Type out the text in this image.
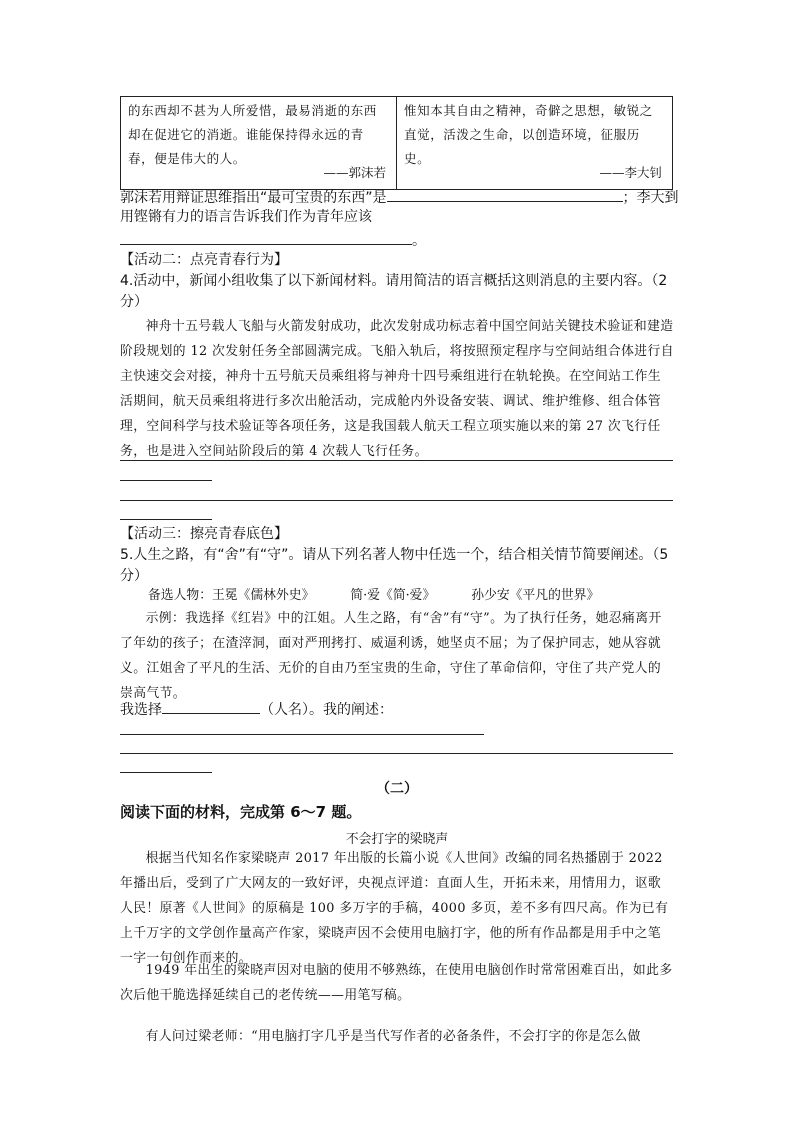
的东西却不甚为人所爱惜，最易消逝的东西却在促进它的消逝。谁能保持得永远的青春，便是伟大的人。
——郭沫若

惟知本其自由之精神，奇僻之思想，敏锐之直觉，活泼之生命，以创造环境，征服历史。
——李大钊
郭沫若用辩证思维指出“最可宝贵的东西”是	；李大到
用铿锵有力的语言告诉我们作为青年应该
。
【活动二：点亮青春行为】
4.活动中，新闻小组收集了以下新闻材料。请用简洁的语言概括这则消息的主要内容。（2分）
神舟十五号载人飞船与火箭发射成功，此次发射成功标志着中国空间站关键技术验证和建造阶段规划的 12 次发射任务全部圆满完成。飞船入轨后，将按照预定程序与空间站组合体进行自主快速交会对接，神舟十五号航天员乘组将与神舟十四号乘组进行在轨轮换。在空间站工作生活期间，航天员乘组将进行多次出舱活动，完成舱内外设备安装、调试、维护维修、组合体管理，空间科学与技术验证等各项任务，这是我国载人航天工程立项实施以来的第 27 次飞行任务，也是进入空间站阶段后的第 4 次载人飞行任务。
【活动三：擦亮青春底色】
5.人生之路，有“舍”有“守”。请从下列名著人物中任选一个，结合相关情节简要阐述。（5分）
备选人物：王冕《儒林外史》	简·爱《简·爱》	孙少安《平凡的世界》
示例：我选择《红岩》中的江姐。人生之路，有“舍”有“守”。为了执行任务，她忍痛离开了年幼的孩子；在渣滓洞，面对严刑拷打、威逼利诱，她坚贞不屈；为了保护同志，她从容就义。江姐舍了平凡的生活、无价的自由乃至宝贵的生命，守住了革命信仰，守住了共产党人的崇高气节。
我选择	（人名）。我的阐述：
（二）
阅读下面的材料，完成第 6～7 题。
不会打字的梁晓声
根据当代知名作家梁晓声 2017 年出版的长篇小说《人世间》改编的同名热播剧于 2022 年播出后，受到了广大网友的一致好评，央视点评道：直面人生，开拓未来，用情用力，讴歌人民！原著《人世间》的原稿是 100 多万字的手稿，4000 多页，差不多有四尺高。作为已有上千万字的文学创作量高产作家，梁晓声因不会使用电脑打字，他的所有作品都是用手中之笔一字一句创作而来的。
1949 年出生的梁晓声因对电脑的使用不够熟练，在使用电脑创作时常常困难百出，如此多次后他干脆选择延续自己的老传统——用笔写稿。
有人问过梁老师：“用电脑打字几乎是当代写作者的必备条件，不会打字的你是怎么做
